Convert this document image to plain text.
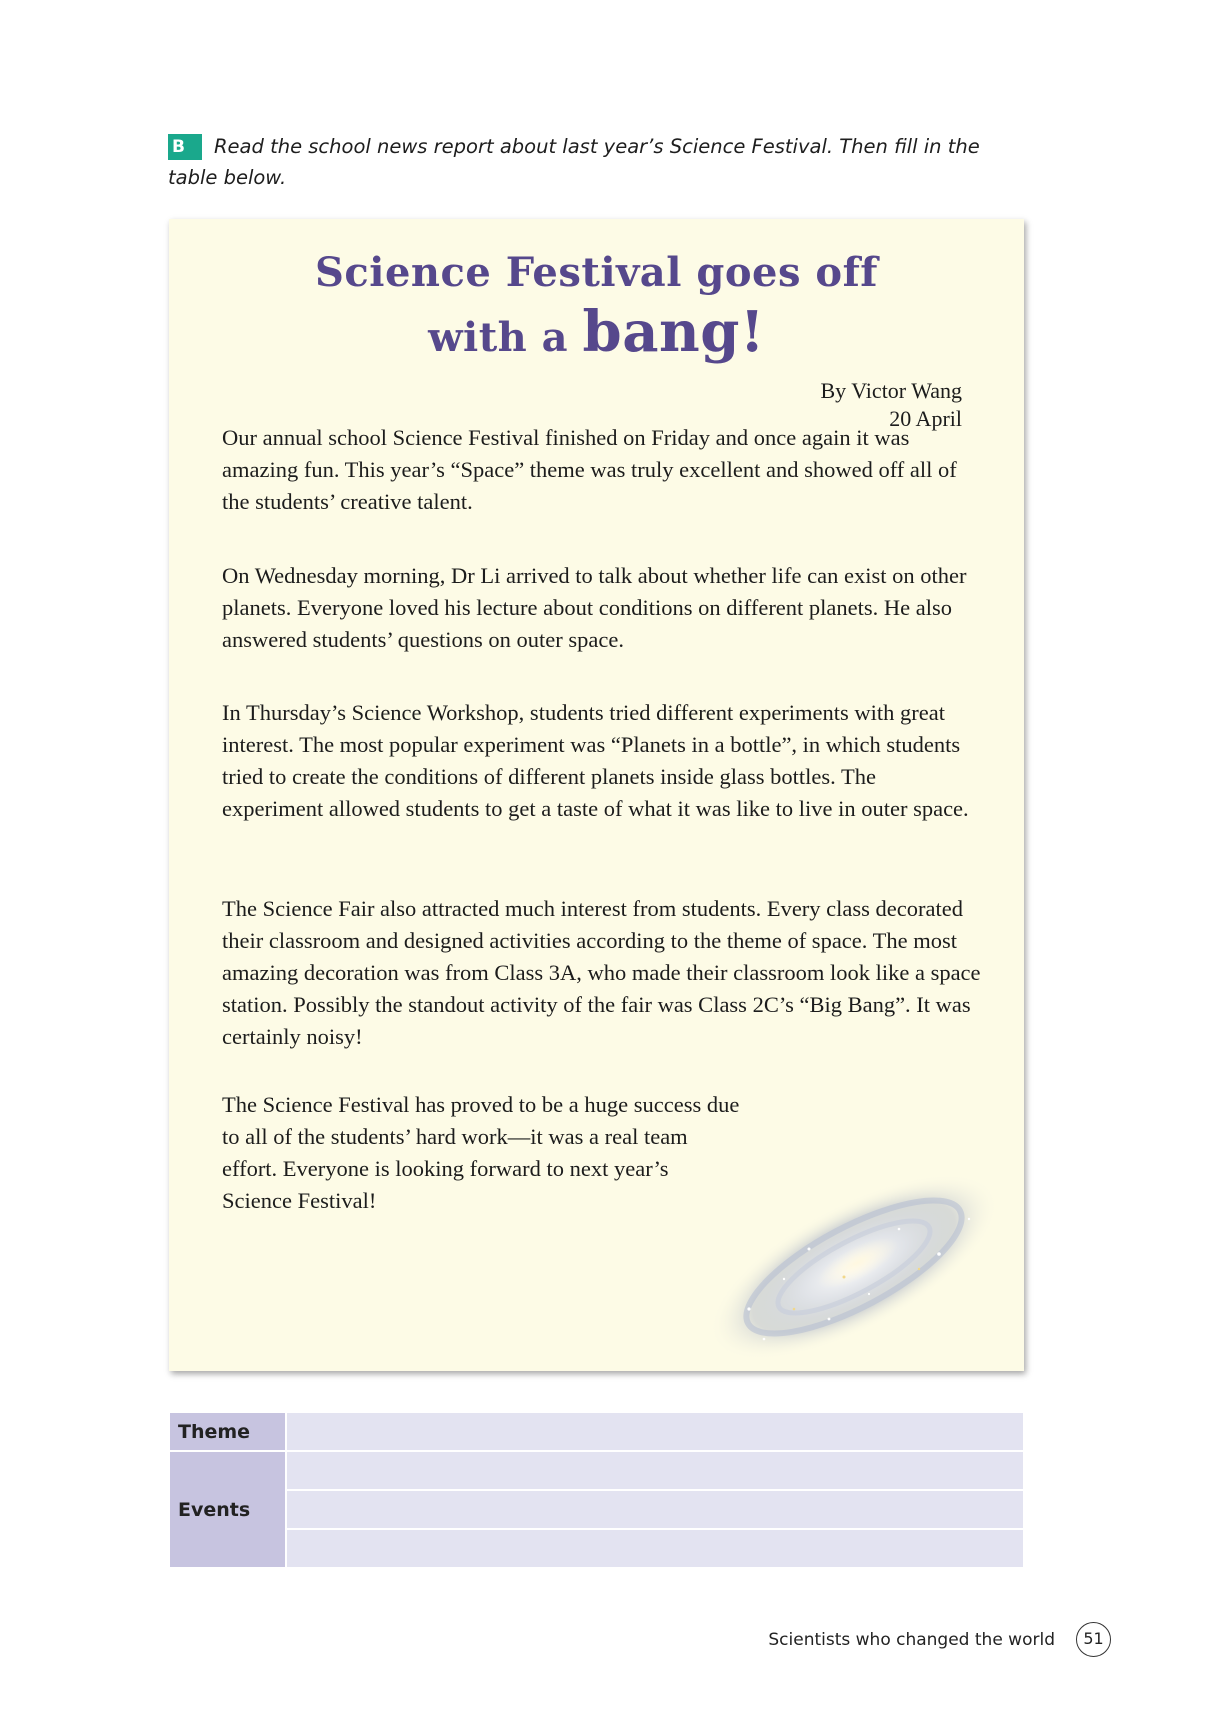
B Read the school news report about last year’s Science Festival. Then fill in the table below.
Science Festival goes off
with a bang!
By Victor Wang
20 April

Our annual school Science Festival finished on Friday and once again it was amazing fun. This year’s “Space” theme was truly excellent and showed off all of the students’ creative talent.

On Wednesday morning, Dr Li arrived to talk about whether life can exist on other planets. Everyone loved his lecture about conditions on different planets. He also answered students’ questions on outer space.

In Thursday’s Science Workshop, students tried different experiments with great interest. The most popular experiment was “Planets in a bottle”, in which students tried to create the conditions of different planets inside glass bottles. The experiment allowed students to get a taste of what it was like to live in outer space.

The Science Fair also attracted much interest from students. Every class decorated their classroom and designed activities according to the theme of space. The most amazing decoration was from Class 3A, who made their classroom look like a space station. Possibly the standout activity of the fair was Class 2C’s “Big Bang”. It was certainly noisy!

The Science Festival has proved to be a huge success due to all of the students’ hard work—it was a real team effort. Everyone is looking forward to next year’s Science Festival!

Theme	
Events	

Scientists who changed the world	51
